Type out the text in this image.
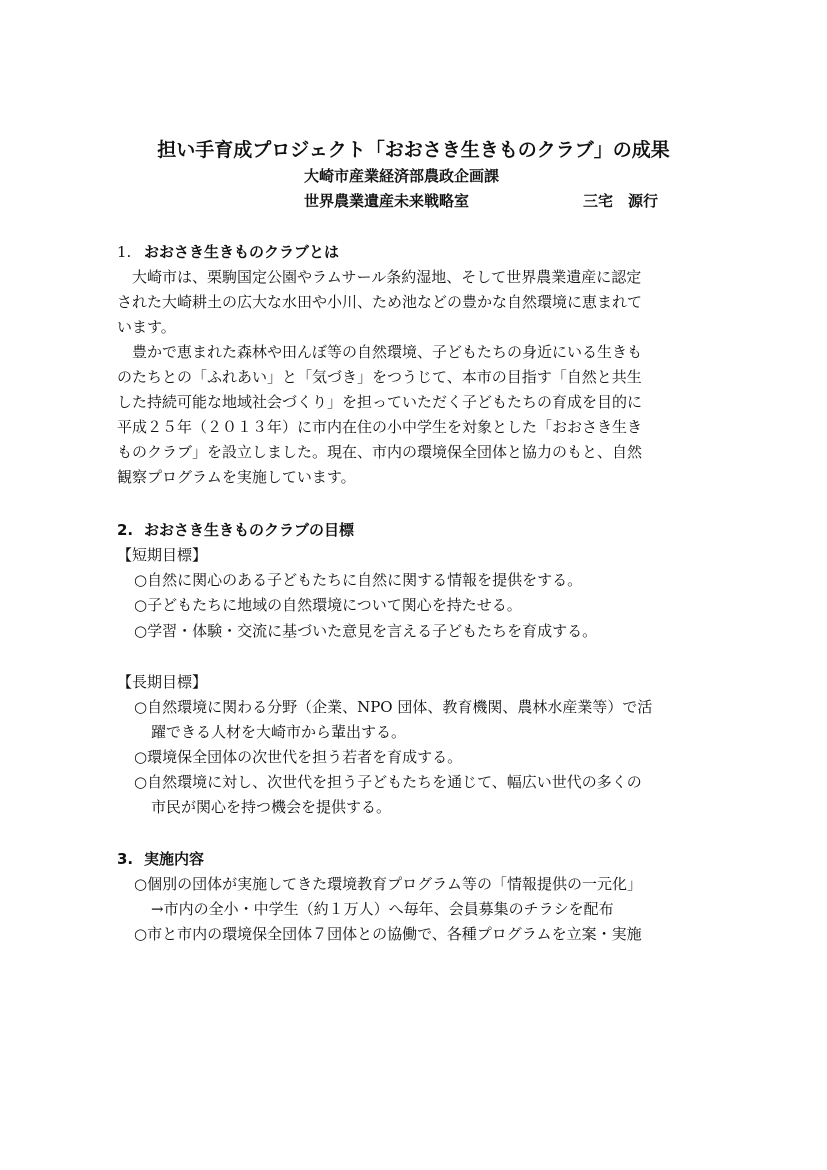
担い手育成プロジェクト「おおさき生きものクラブ」の成果
大崎市産業経済部農政企画課
世界農業遺産未来戦略室	三宅　源行
1. おおさき生きものクラブとは
　大崎市は、栗駒国定公園やラムサール条約湿地、そして世界農業遺産に認定
された大崎耕土の広大な水田や小川、ため池などの豊かな自然環境に恵まれて
います。
　豊かで恵まれた森林や田んぼ等の自然環境、子どもたちの身近にいる生きも
のたちとの「ふれあい」と「気づき」をつうじて、本市の目指す「自然と共生
した持続可能な地域社会づくり」を担っていただく子どもたちの育成を目的に
平成２５年（２０１３年）に市内在住の小中学生を対象とした「おおさき生き
ものクラブ」を設立しました。現在、市内の環境保全団体と協力のもと、自然
観察プログラムを実施しています。
2. おおさき生きものクラブの目標
【短期目標】
○自然に関心のある子どもたちに自然に関する情報を提供をする。
○子どもたちに地域の自然環境について関心を持たせる。
○学習・体験・交流に基づいた意見を言える子どもたちを育成する。
【長期目標】
○自然環境に関わる分野（企業、NPO 団体、教育機関、農林水産業等）で活
躍できる人材を大崎市から輩出する。
○環境保全団体の次世代を担う若者を育成する。
○自然環境に対し、次世代を担う子どもたちを通じて、幅広い世代の多くの
市民が関心を持つ機会を提供する。
3. 実施内容
○個別の団体が実施してきた環境教育プログラム等の「情報提供の一元化」
→市内の全小・中学生（約１万人）へ毎年、会員募集のチラシを配布
○市と市内の環境保全団体７団体との協働で、各種プログラムを立案・実施
